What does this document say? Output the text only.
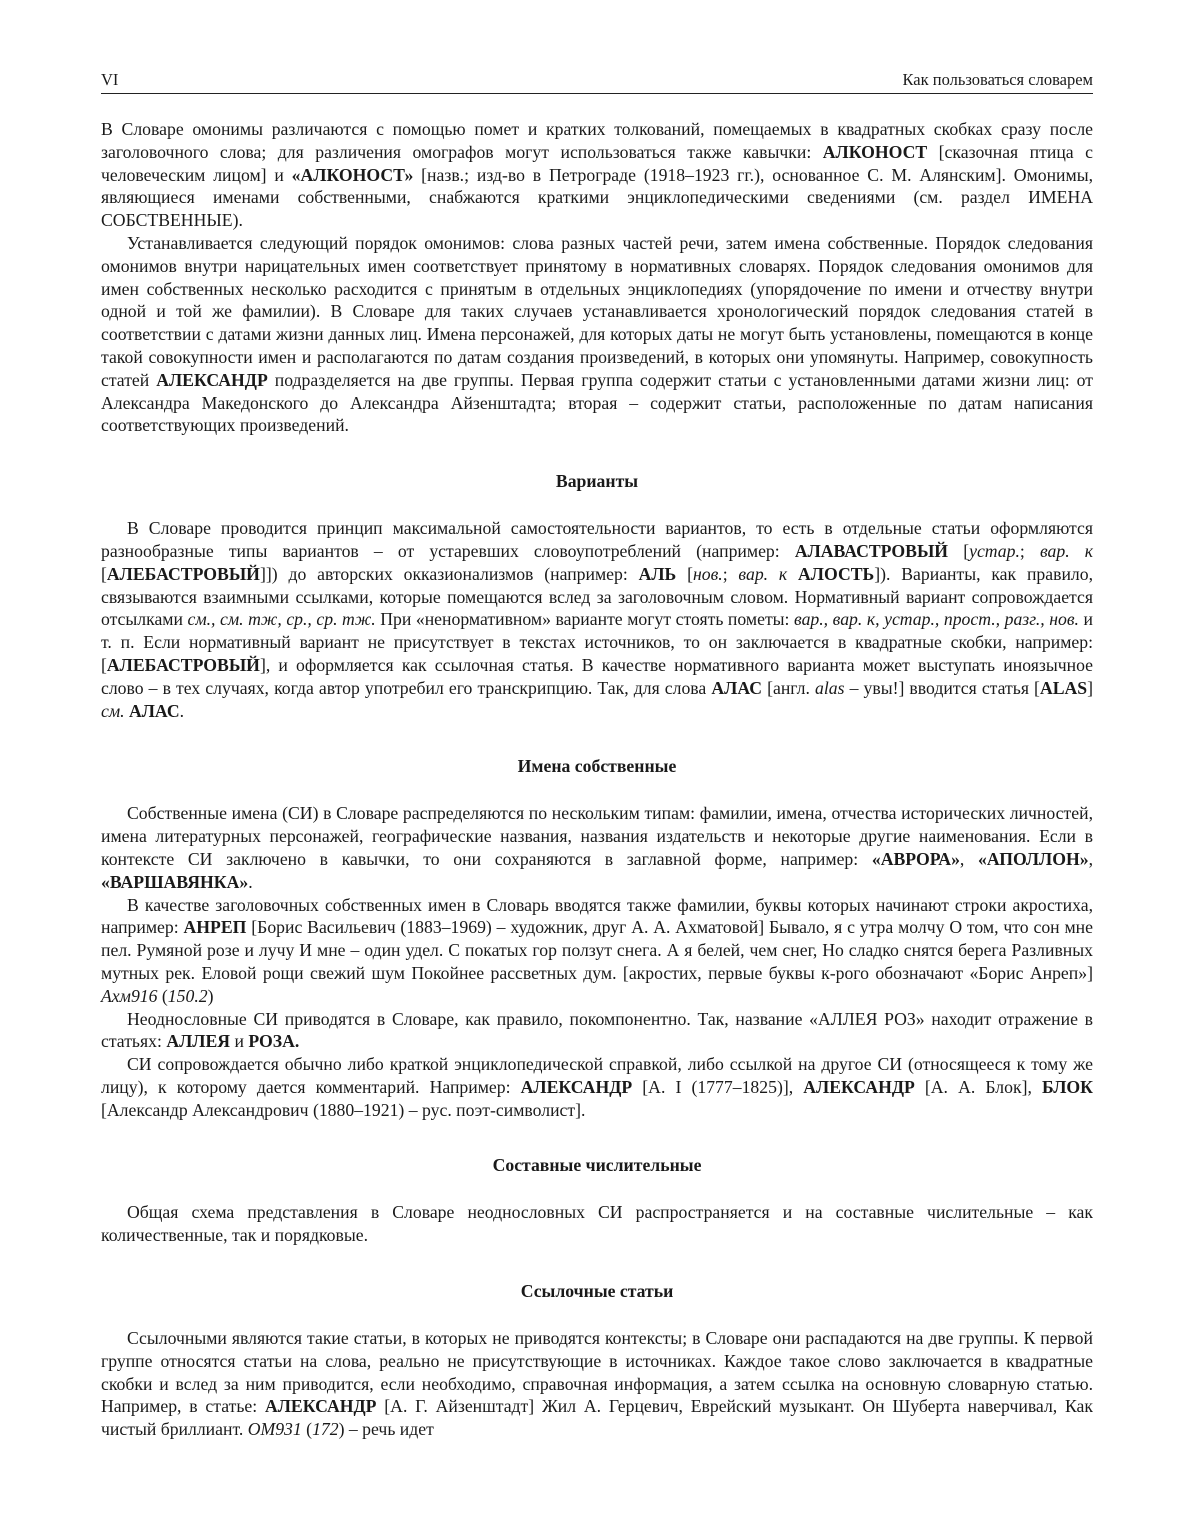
VI	Как пользоваться словарем

В Словаре омонимы различаются с помощью помет и кратких толкований, помещаемых в квадратных скобках сразу после заголовочного слова; для различения омографов могут использоваться также кавычки: АЛКОНОСТ [сказочная птица с человеческим лицом] и «АЛКОНОСТ» [назв.; изд-во в Петрограде (1918–1923 гг.), основанное С. М. Алянским]. Омонимы, являющиеся именами собственными, снабжаются краткими энциклопедическими сведениями (см. раздел ИМЕНА СОБСТВЕННЫЕ).

Устанавливается следующий порядок омонимов: слова разных частей речи, затем имена собственные. Порядок следования омонимов внутри нарицательных имен соответствует принятому в нормативных словарях. Порядок следования омонимов для имен собственных несколько расходится с принятым в отдельных энциклопедиях (упорядочение по имени и отчеству внутри одной и той же фамилии). В Словаре для таких случаев устанавливается хронологический порядок следования статей в соответствии с датами жизни данных лиц. Имена персонажей, для которых даты не могут быть установлены, помещаются в конце такой совокупности имен и располагаются по датам создания произведений, в которых они упомянуты. Например, совокупность статей АЛЕКСАНДР подразделяется на две группы. Первая группа содержит статьи с установленными датами жизни лиц: от Александра Македонского до Александра Айзенштадта; вторая – содержит статьи, расположенные по датам написания соответствующих произведений.

Варианты

В Словаре проводится принцип максимальной самостоятельности вариантов, то есть в отдельные статьи оформляются разнообразные типы вариантов – от устаревших словоупотреблений (например: АЛАВАСТРОВЫЙ [устар.; вар. к [АЛЕБАСТРОВЫЙ]]) до авторских окказионализмов (например: АЛЬ [нов.; вар. к АЛОСТЬ]). Варианты, как правило, связываются взаимными ссылками, которые помещаются вслед за заголовочным словом. Нормативный вариант сопровождается отсылками см., см. тж, ср., ср. тж. При «ненормативном» варианте могут стоять пометы: вар., вар. к, устар., прост., разг., нов. и т. п. Если нормативный вариант не присутствует в текстах источников, то он заключается в квадратные скобки, например: [АЛЕБАСТРОВЫЙ], и оформляется как ссылочная статья. В качестве нормативного варианта может выступать иноязычное слово – в тех случаях, когда автор употребил его транскрипцию. Так, для слова АЛАС [англ. alas – увы!] вводится статья [ALAS] см. АЛАС.

Имена собственные

Собственные имена (СИ) в Словаре распределяются по нескольким типам: фамилии, имена, отчества исторических личностей, имена литературных персонажей, географические названия, названия издательств и некоторые другие наименования. Если в контексте СИ заключено в кавычки, то они сохраняются в заглавной форме, например: «АВРОРА», «АПОЛЛОН», «ВАРШАВЯНКА».

В качестве заголовочных собственных имен в Словарь вводятся также фамилии, буквы которых начинают строки акростиха, например: АНРЕП [Борис Васильевич (1883–1969) – художник, друг А. А. Ахматовой] Бывало, я с утра молчу О том, что сон мне пел. Румяной розе и лучу И мне – один удел. С покатых гор ползут снега. А я белей, чем снег, Но сладко снятся берега Разливных мутных рек. Еловой рощи свежий шум Покойнее рассветных дум. [акростих, первые буквы к-рого обозначают «Борис Анреп»] Ахм916 (150.2)

Неоднословные СИ приводятся в Словаре, как правило, покомпонентно. Так, название «АЛЛЕЯ РОЗ» находит отражение в статьях: АЛЛЕЯ и РОЗА.

СИ сопровождается обычно либо краткой энциклопедической справкой, либо ссылкой на другое СИ (относящееся к тому же лицу), к которому дается комментарий. Например: АЛЕКСАНДР [А. I (1777–1825)], АЛЕКСАНДР [А. А. Блок], БЛОК [Александр Александрович (1880–1921) – рус. поэт-символист].

Составные числительные

Общая схема представления в Словаре неоднословных СИ распространяется и на составные числительные – как количественные, так и порядковые.

Ссылочные статьи

Ссылочными являются такие статьи, в которых не приводятся контексты; в Словаре они распадаются на две группы. К первой группе относятся статьи на слова, реально не присутствующие в источниках. Каждое такое слово заключается в квадратные скобки и вслед за ним приводится, если необходимо, справочная информация, а затем ссылка на основную словарную статью. Например, в статье: АЛЕКСАНДР [А. Г. Айзенштадт] Жил А. Герцевич, Еврейский музыкант. Он Шуберта наверчивал, Как чистый бриллиант. ОМ931 (172) – речь идет
